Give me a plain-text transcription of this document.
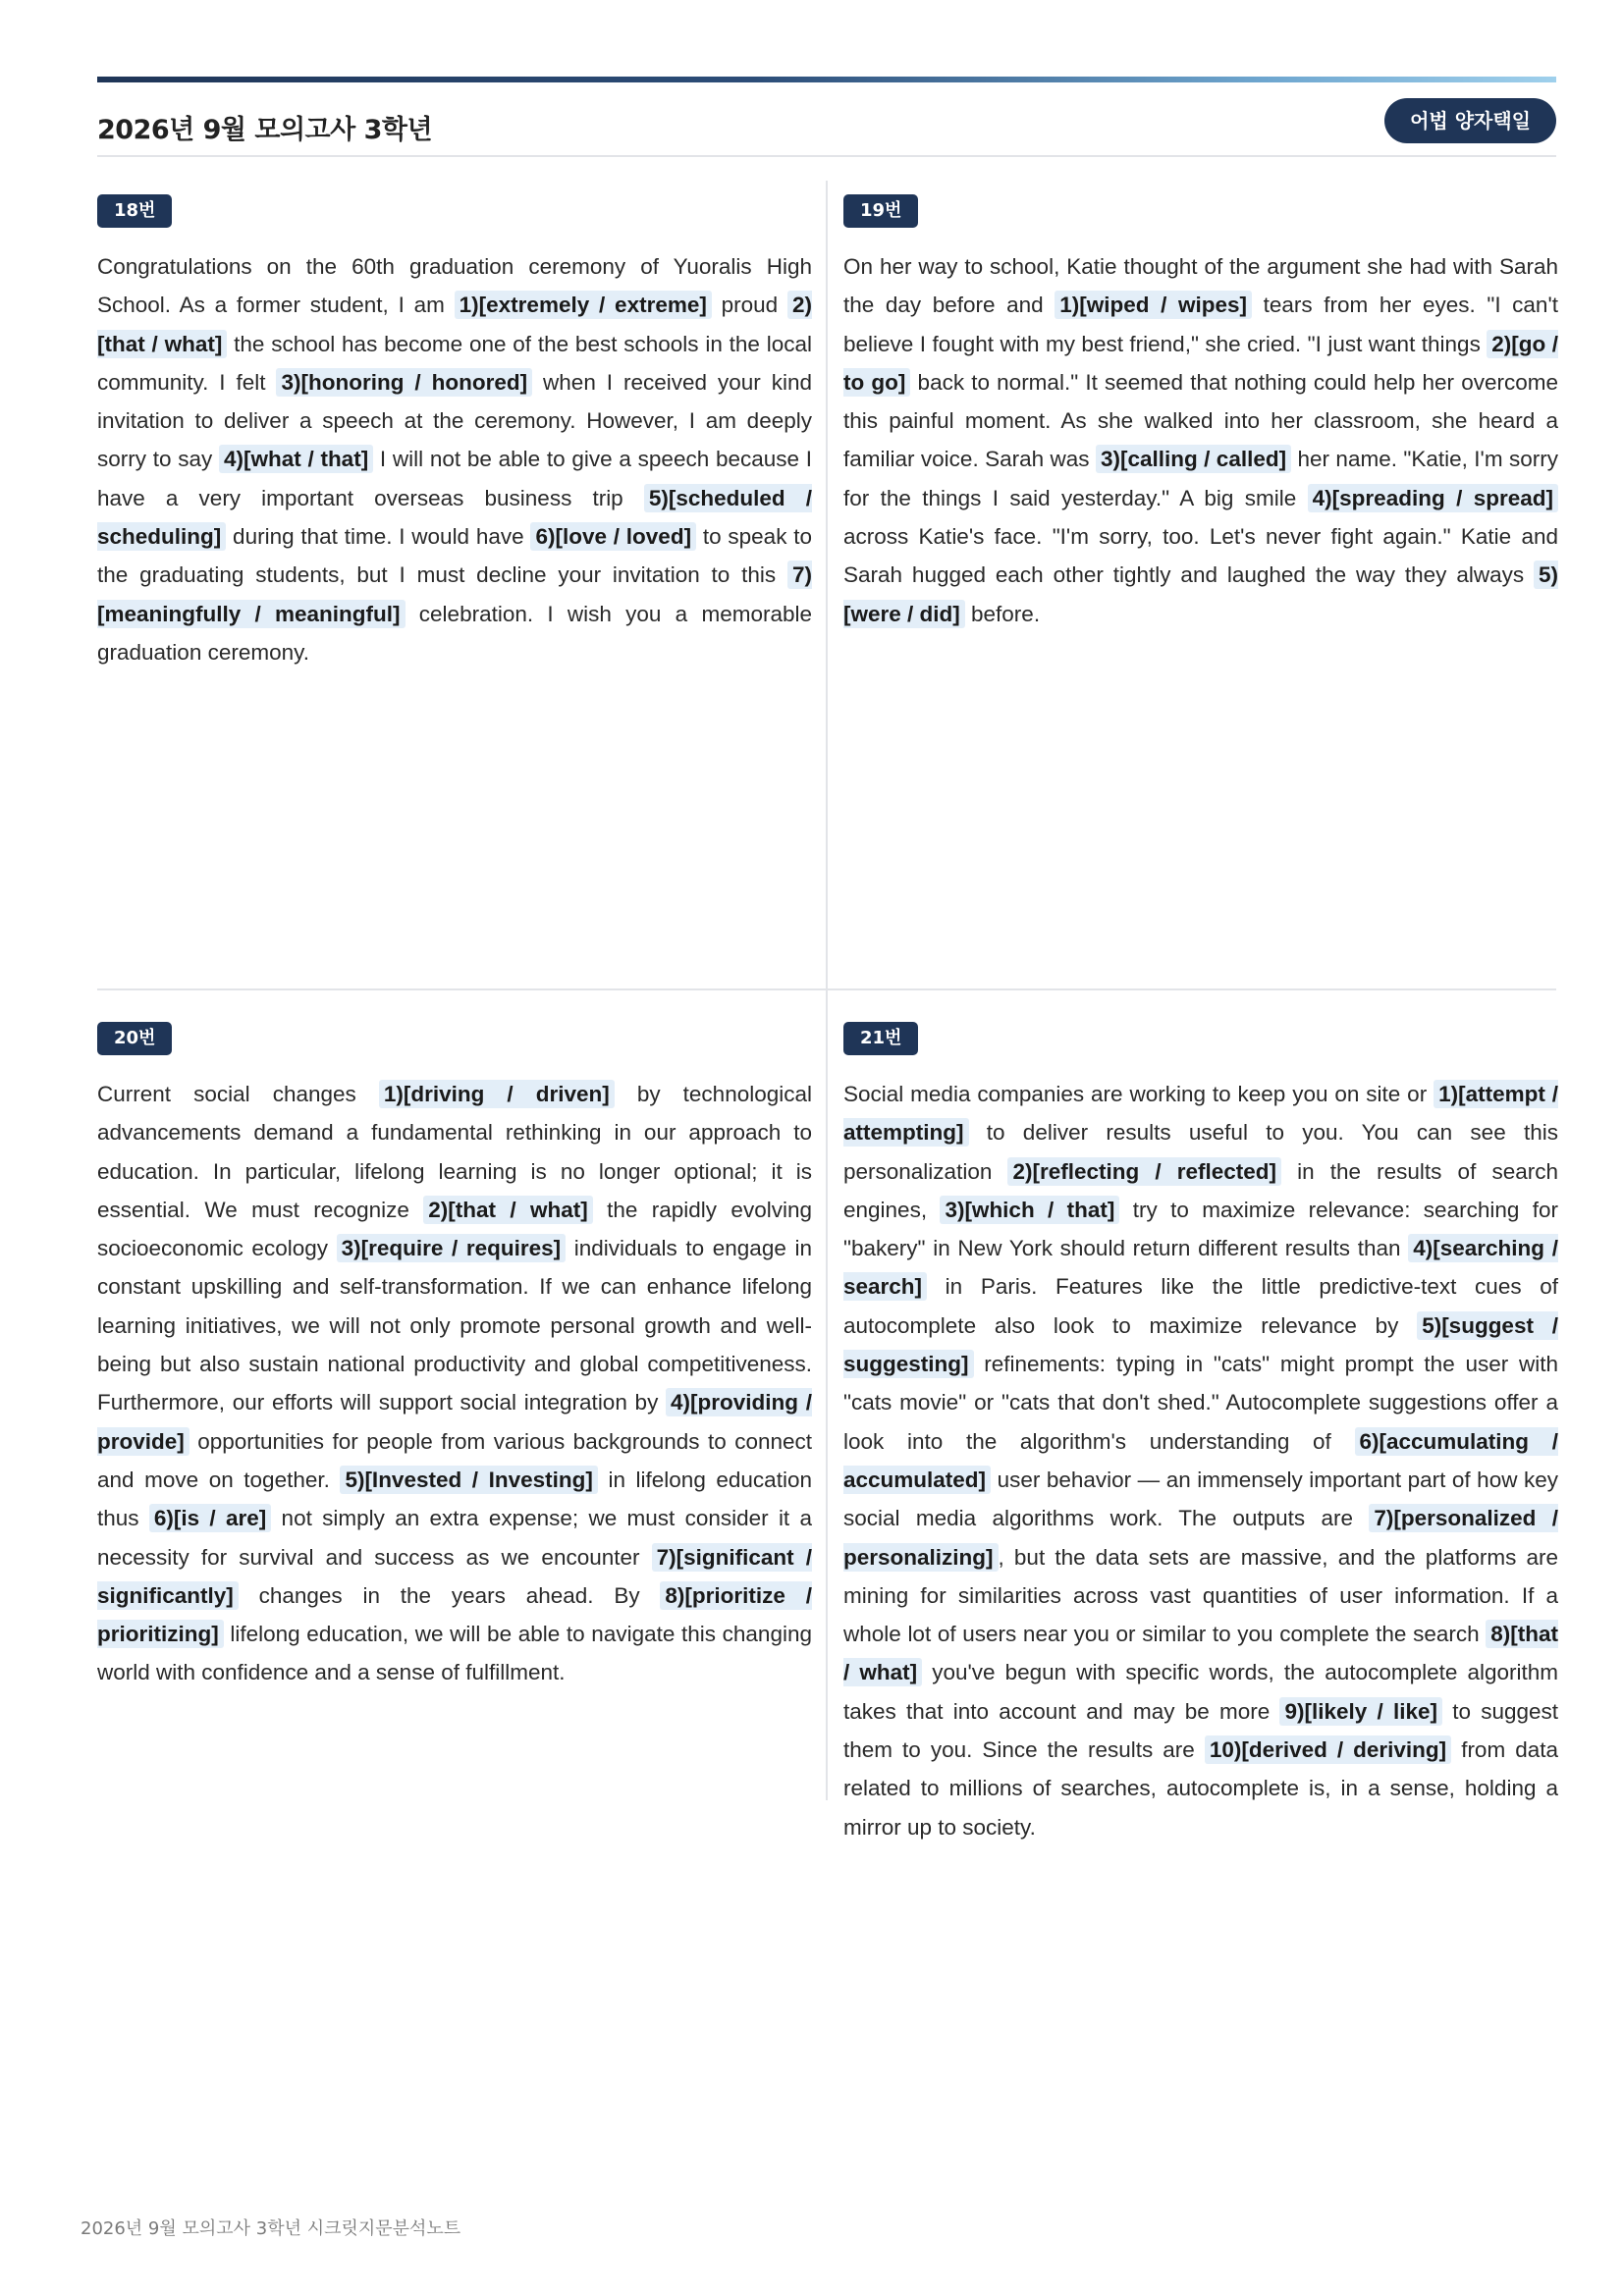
2026년 9월 모의고사 3학년	어법 양자택일
18번

Congratulations on the 60th graduation ceremony of Yuoralis High School. As a former student, I am 1)[extremely / extreme] proud 2)[that / what] the school has become one of the best schools in the local community. I felt 3)[honoring / honored] when I received your kind invitation to deliver a speech at the ceremony. However, I am deeply sorry to say 4)[what / that] I will not be able to give a speech because I have a very important overseas business trip 5)[scheduled / scheduling] during that time. I would have 6)[love / loved] to speak to the graduating students, but I must decline your invitation to this 7)[meaningfully / meaningful] celebration. I wish you a memorable graduation ceremony.

19번

On her way to school, Katie thought of the argument she had with Sarah the day before and 1)[wiped / wipes] tears from her eyes. "I can't believe I fought with my best friend," she cried. "I just want things 2)[go / to go] back to normal." It seemed that nothing could help her overcome this painful moment. As she walked into her classroom, she heard a familiar voice. Sarah was 3)[calling / called] her name. "Katie, I'm sorry for the things I said yesterday." A big smile 4)[spreading / spread] across Katie's face. "I'm sorry, too. Let's never fight again." Katie and Sarah hugged each other tightly and laughed the way they always 5)[were / did] before.

20번

Current social changes 1)[driving / driven] by technological advancements demand a fundamental rethinking in our approach to education. In particular, lifelong learning is no longer optional; it is essential. We must recognize 2)[that / what] the rapidly evolving socioeconomic ecology 3)[require / requires] individuals to engage in constant upskilling and self-transformation. If we can enhance lifelong learning initiatives, we will not only promote personal growth and well-being but also sustain national productivity and global competitiveness. Furthermore, our efforts will support social integration by 4)[providing / provide] opportunities for people from various backgrounds to connect and move on together. 5)[Invested / Investing] in lifelong education thus 6)[is / are] not simply an extra expense; we must consider it a necessity for survival and success as we encounter 7)[significant / significantly] changes in the years ahead. By 8)[prioritize / prioritizing] lifelong education, we will be able to navigate this changing world with confidence and a sense of fulfillment.

21번

Social media companies are working to keep you on site or 1)[attempt / attempting] to deliver results useful to you. You can see this personalization 2)[reflecting / reflected] in the results of search engines, 3)[which / that] try to maximize relevance: searching for "bakery" in New York should return different results than 4)[searching / search] in Paris. Features like the little predictive-text cues of autocomplete also look to maximize relevance by 5)[suggest / suggesting] refinements: typing in "cats" might prompt the user with "cats movie" or "cats that don't shed." Autocomplete suggestions offer a look into the algorithm's understanding of 6)[accumulating / accumulated] user behavior — an immensely important part of how key social media algorithms work. The outputs are 7)[personalized / personalizing] , but the data sets are massive, and the platforms are mining for similarities across vast quantities of user information. If a whole lot of users near you or similar to you complete the search 8)[that / what] you've begun with specific words, the autocomplete algorithm takes that into account and may be more 9)[likely / like] to suggest them to you. Since the results are 10)[derived / deriving] from data related to millions of searches, autocomplete is, in a sense, holding a mirror up to society.

2026년 9월 모의고사 3학년 시크릿지문분석노트
